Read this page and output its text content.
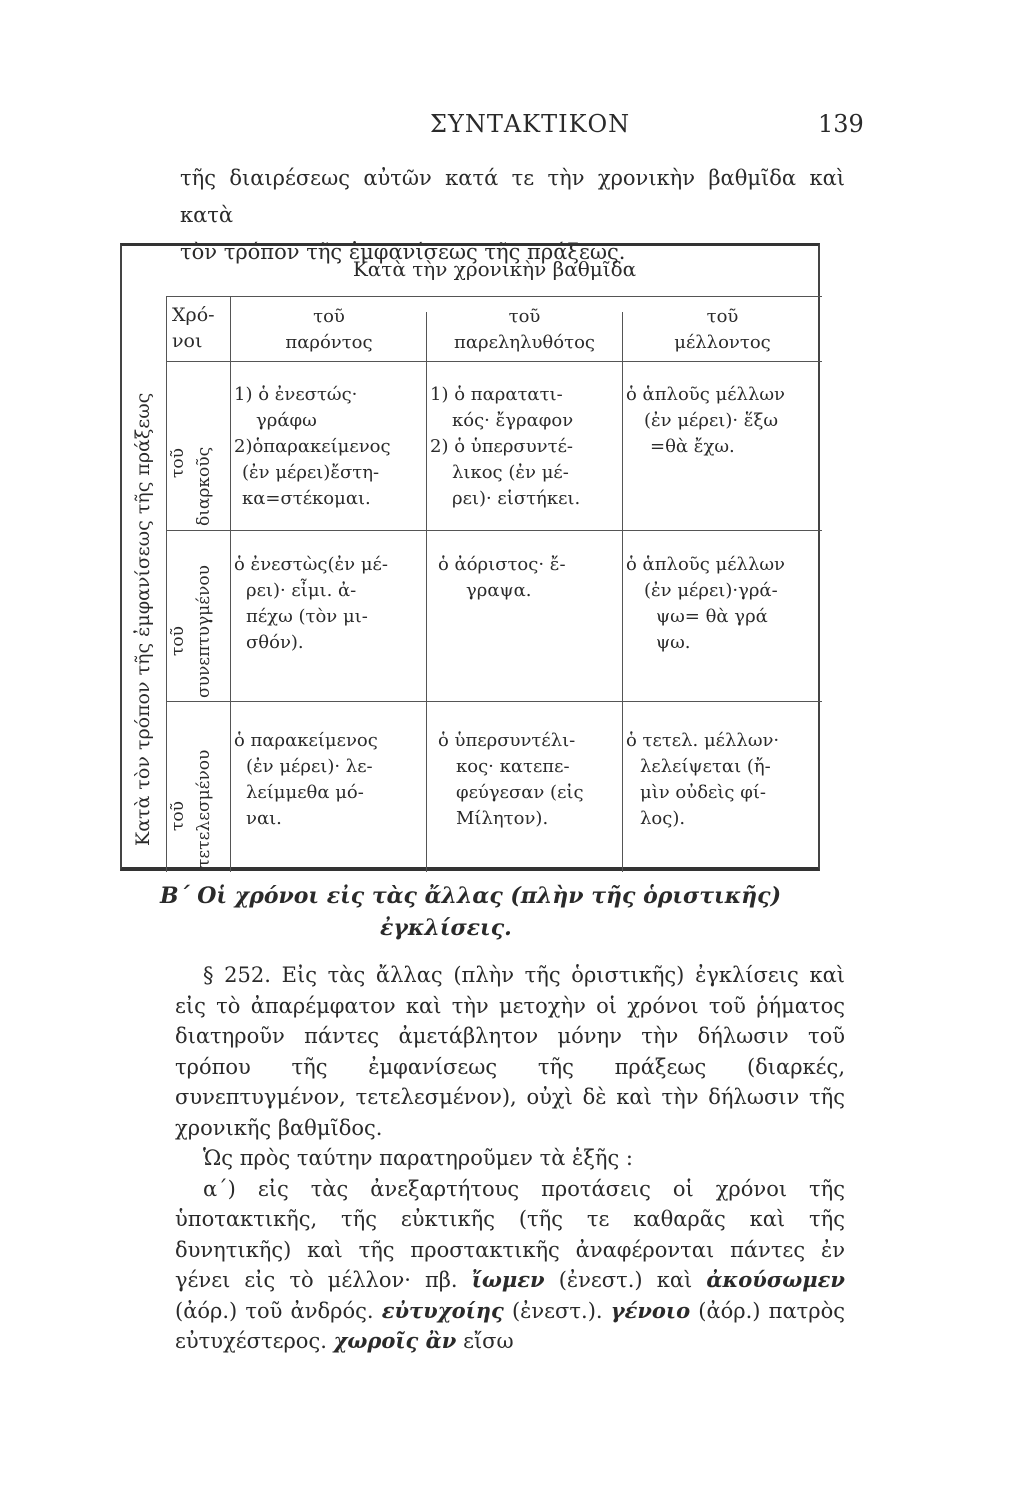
ΣΥΝΤΑΚΤΙΚΟΝ	139
τῆς διαιρέσεως αὐτῶν κατά τε τὴν χρονικὴν βαθμῖδα καὶ κατὰ
τὸν τρόπον τῆς ἐμφανίσεως τῆς πράξεως.
Κατὰ τὴν χρονικὴν βαθμῖδα
Κατὰ τὸν τρόπον τῆς ἐμφανίσεως τῆς πράξεως
Χρό-
νοι
τοῦ
παρόντος
τοῦ
παρεληλυθότος
τοῦ
μέλλοντος
τοῦ διαρκοῦς
τοῦ συνεπτυγμένου
τοῦ τετελεσμένου
1) ὁ ἐνεστώς·
γράφω
2)ὁπαρακείμενος
(ἐν μέρει)ἔστη-
κα=στέκομαι.
1) ὁ παρατατι-
κός· ἔγραφον
2) ὁ ὑπερσυντέ-
λικος (ἐν μέ-
ρει)· εἱστήκει.
ὁ ἁπλοῦς μέλλων
(ἐν μέρει)· ἕξω
=θὰ ἔχω.
ὁ ἐνεστὼς(ἐν μέ-
ρει)· εἶμι. ἀ-
πέχω (τὸν μι-
σθόν).
ὁ ἀόριστος· ἔ-
γραψα.
ὁ ἁπλοῦς μέλλων
(ἐν μέρει)·γρά-
ψω= θὰ γρά
ψω.
ὁ παρακείμενος
(ἐν μέρει)· λε-
λείμμεθα μό-
ναι.
ὁ ὑπερσυντέλι-
κος· κατεπε-
φεύγεσαν (εἰς
Μίλητον).
ὁ τετελ. μέλλων·
λελείψεται (ἤ-
μὶν οὐδεὶς φί-
λος).
Β΄ Οἱ χρόνοι εἰς τὰς ἄλλας (πλὴν τῆς ὁριστικῆς)
ἐγκλίσεις.

§ 252. Εἰς τὰς ἄλλας (πλὴν τῆς ὁριστικῆς) ἐγκλίσεις καὶ εἰς τὸ ἀπαρέμφατον καὶ τὴν μετοχὴν οἱ χρόνοι τοῦ ῥήματος διατηροῦν πάντες ἀμετάβλητον μόνην τὴν δήλωσιν τοῦ τρόπου τῆς ἐμφανίσεως τῆς πράξεως (διαρκές, συνεπτυγμένον, τετελεσμένον), οὐχὶ δὲ καὶ τὴν δήλωσιν τῆς χρονικῆς βαθμῖδος.

Ὡς πρὸς ταύτην παρατηροῦμεν τὰ ἑξῆς :

α΄) εἰς τὰς ἀνεξαρτήτους προτάσεις οἱ χρόνοι τῆς ὑποτακτικῆς, τῆς εὐκτικῆς (τῆς τε καθαρᾶς καὶ τῆς δυνητικῆς) καὶ τῆς προστακτικῆς ἀναφέρονται πάντες ἐν γένει εἰς τὸ μέλλον· πβ. ἴωμεν (ἐνεστ.) καὶ ἀκούσωμεν (ἀόρ.) τοῦ ἀνδρός. εὐτυχοίης (ἐνεστ.). γένοιο (ἀόρ.) πατρὸς εὐτυχέστερος. χωροῖς ἂν εἴσω
